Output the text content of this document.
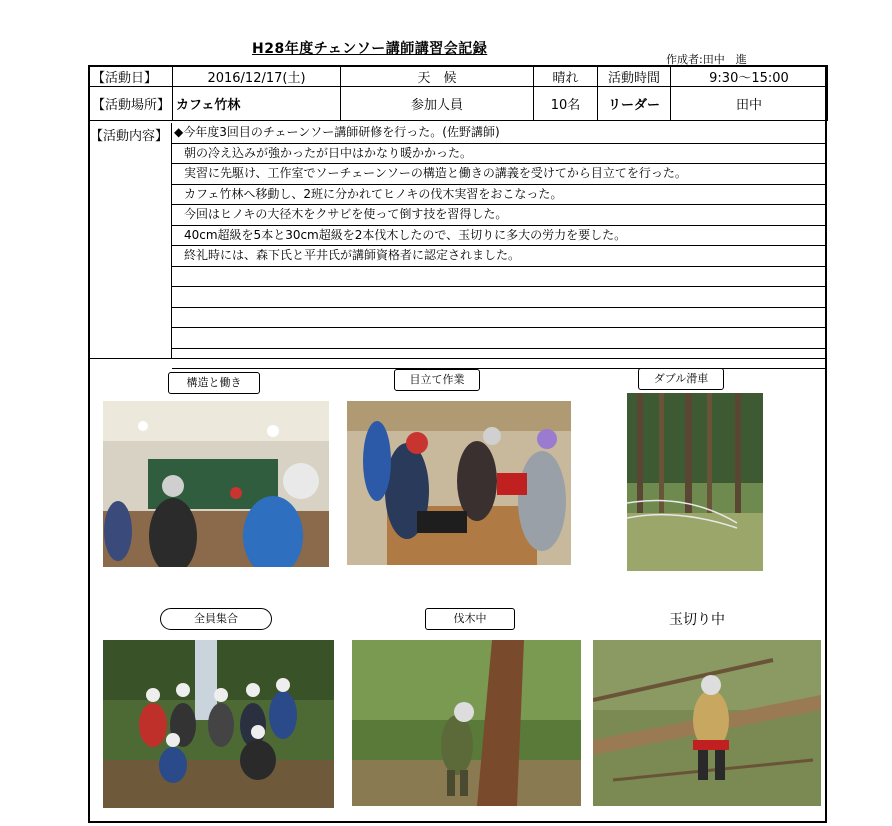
H28年度チェンソー講師講習会記録
作成者:田中　進
【活動日】	2016/12/17(土)	天　候	晴れ	活動時間	9:30～15:00
【活動場所】	カフェ竹林	参加人員	10名	リーダー	田中
【活動内容】 ◆今年度3回目のチェーンソー講師研修を行った。(佐野講師)
朝の冷え込みが強かったが日中はかなり暖かかった。
実習に先駆け、工作室でソーチェーンソーの構造と働きの講義を受けてから目立てを行った。
カフェ竹林へ移動し、2班に分かれてヒノキの伐木実習をおこなった。
今回はヒノキの大径木をクサビを使って倒す技を習得した。
40cm超級を5本と30cm超級を2本伐木したので、玉切りに多大の労力を要した。
終礼時には、森下氏と平井氏が講師資格者に認定されました。
構造と働き	目立て作業	ダブル滑車
全員集合	伐木中	玉切り中
